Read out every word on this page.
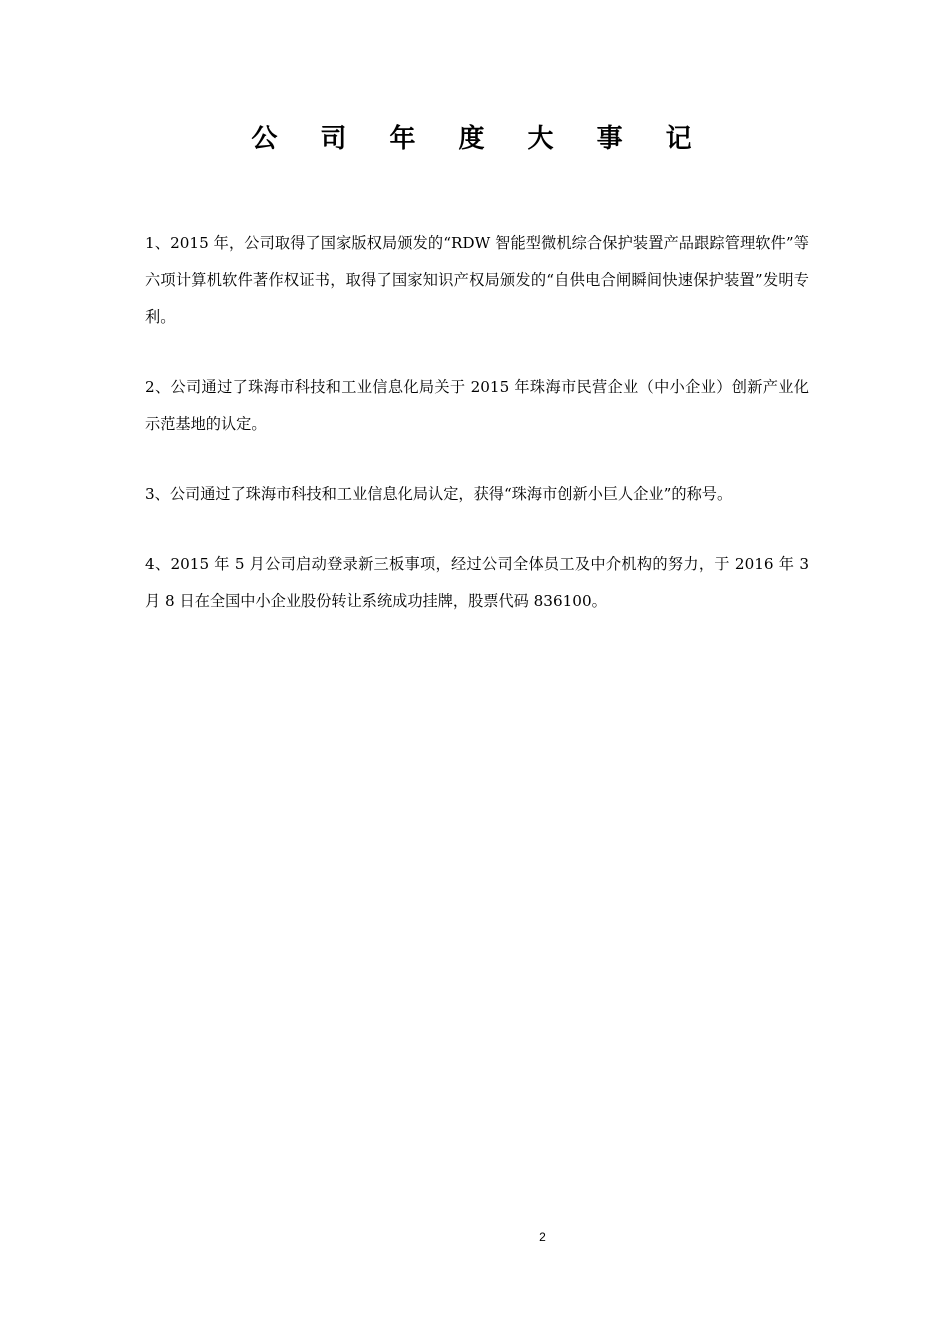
公 司 年 度 大 事 记

1、2015 年，公司取得了国家版权局颁发的“RDW 智能型微机综合保护装置产品跟踪管理软件”等六项计算机软件著作权证书，取得了国家知识产权局颁发的“自供电合闸瞬间快速保护装置”发明专利。

2、公司通过了珠海市科技和工业信息化局关于 2015 年珠海市民营企业（中小企业）创新产业化示范基地的认定。

3、公司通过了珠海市科技和工业信息化局认定，获得“珠海市创新小巨人企业”的称号。

4、2015 年 5 月公司启动登录新三板事项，经过公司全体员工及中介机构的努力，于 2016 年 3 月 8 日在全国中小企业股份转让系统成功挂牌，股票代码 836100。

2
